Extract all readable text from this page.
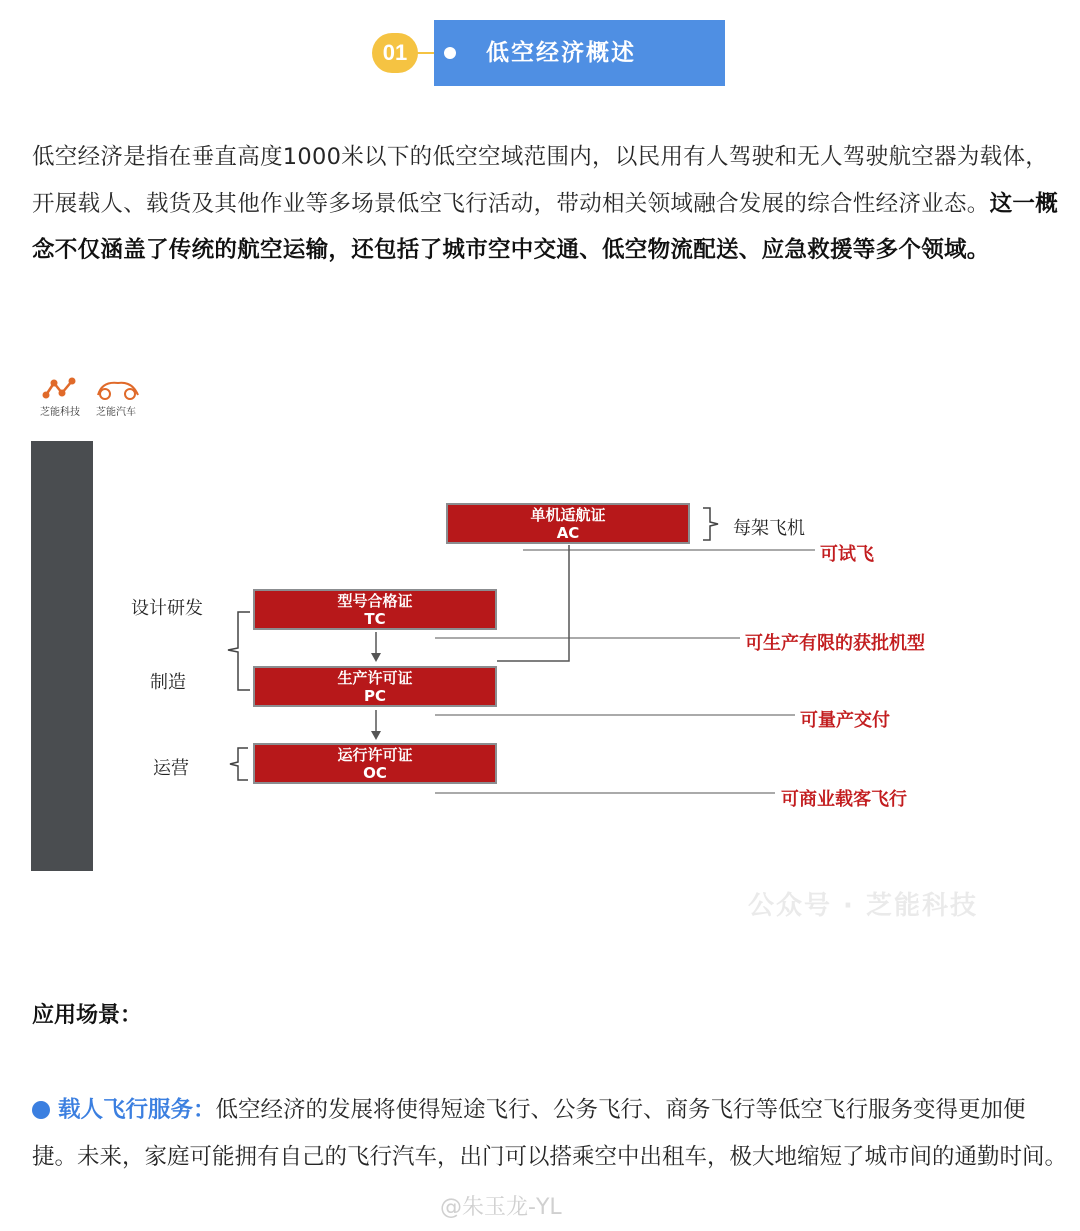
01	低空经济概述
低空经济是指在垂直高度1000米以下的低空空域范围内，以民用有人驾驶和无人驾驶航空器为载体，开展载人、载货及其他作业等多场景低空飞行活动，带动相关领域融合发展的综合性经济业态。这一概念不仅涵盖了传统的航空运输，还包括了城市空中交通、低空物流配送、应急救援等多个领域。
芝能科技 芝能汽车
单机适航证
AC
型号合格证
TC
生产许可证
PC
运行许可证
OC
每架飞机
设计研发
制造
运营
可试飞
可生产有限的获批机型
可量产交付
可商业载客飞行
公众号 · 芝能科技
应用场景：
载人飞行服务：低空经济的发展将使得短途飞行、公务飞行、商务飞行等低空飞行服务变得更加便捷。未来，家庭可能拥有自己的飞行汽车，出门可以搭乘空中出租车，极大地缩短了城市间的通勤时间。
@朱玉龙-YL
